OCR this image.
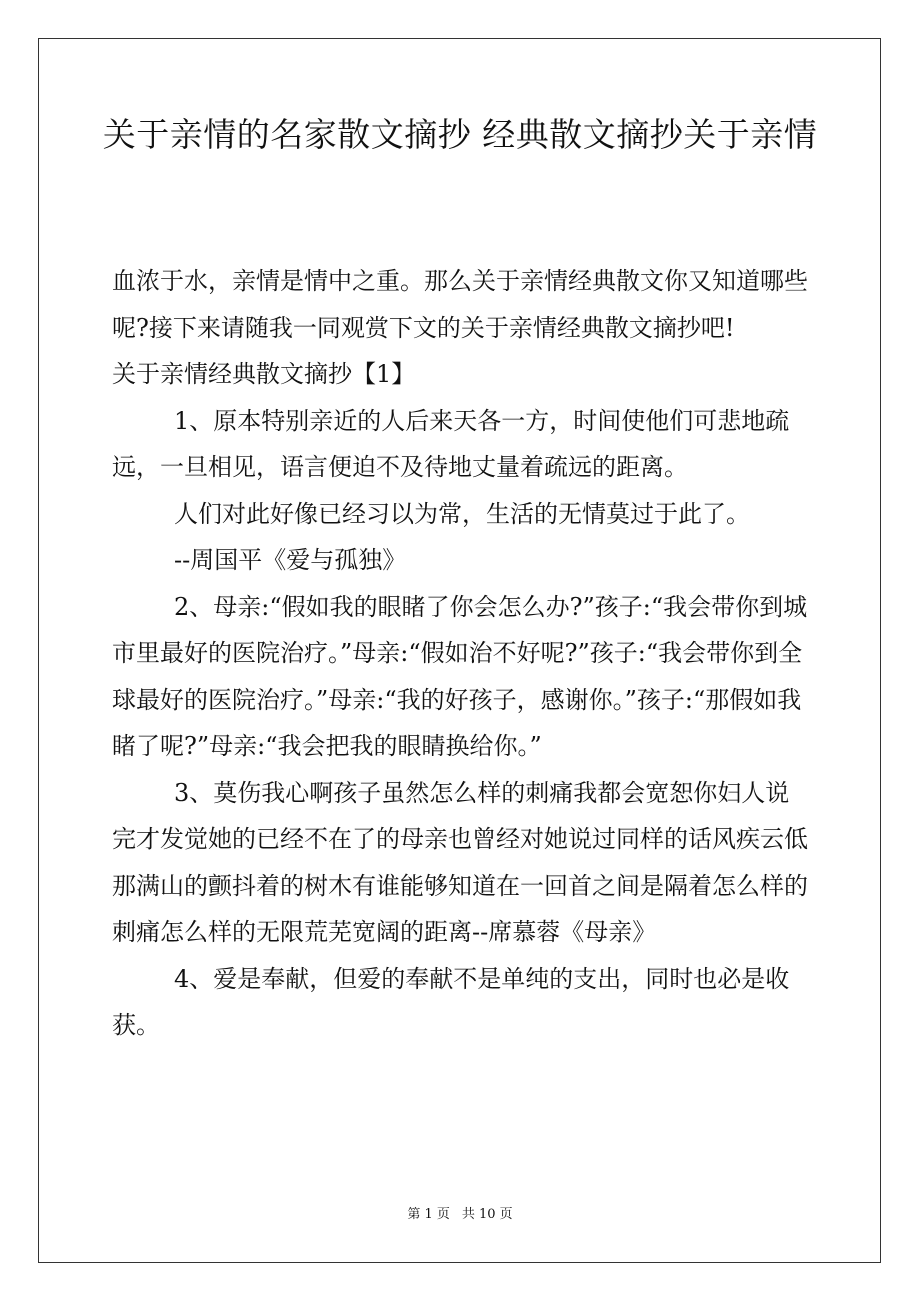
关于亲情的名家散文摘抄 经典散文摘抄关于亲情

血浓于水，亲情是情中之重。那么关于亲情经典散文你又知道哪些呢?接下来请随我一同观赏下文的关于亲情经典散文摘抄吧!

关于亲情经典散文摘抄【1】

1、原本特别亲近的人后来天各一方，时间使他们可悲地疏远，一旦相见，语言便迫不及待地丈量着疏远的距离。

人们对此好像已经习以为常，生活的无情莫过于此了。

--周国平《爱与孤独》

2、母亲:“假如我的眼睹了你会怎么办?”孩子:“我会带你到城市里最好的医院治疗。”母亲:“假如治不好呢?”孩子:“我会带你到全球最好的医院治疗。”母亲:“我的好孩子，感谢你。”孩子:“那假如我睹了呢?”母亲:“我会把我的眼睛换给你。”

3、莫伤我心啊孩子虽然怎么样的刺痛我都会宽恕你妇人说完才发觉她的已经不在了的母亲也曾经对她说过同样的话风疾云低那满山的颤抖着的树木有谁能够知道在一回首之间是隔着怎么样的刺痛怎么样的无限荒芜宽阔的距离--席慕蓉《母亲》

4、爱是奉献，但爱的奉献不是单纯的支出，同时也必是收获。

第 1 页 共 10 页
